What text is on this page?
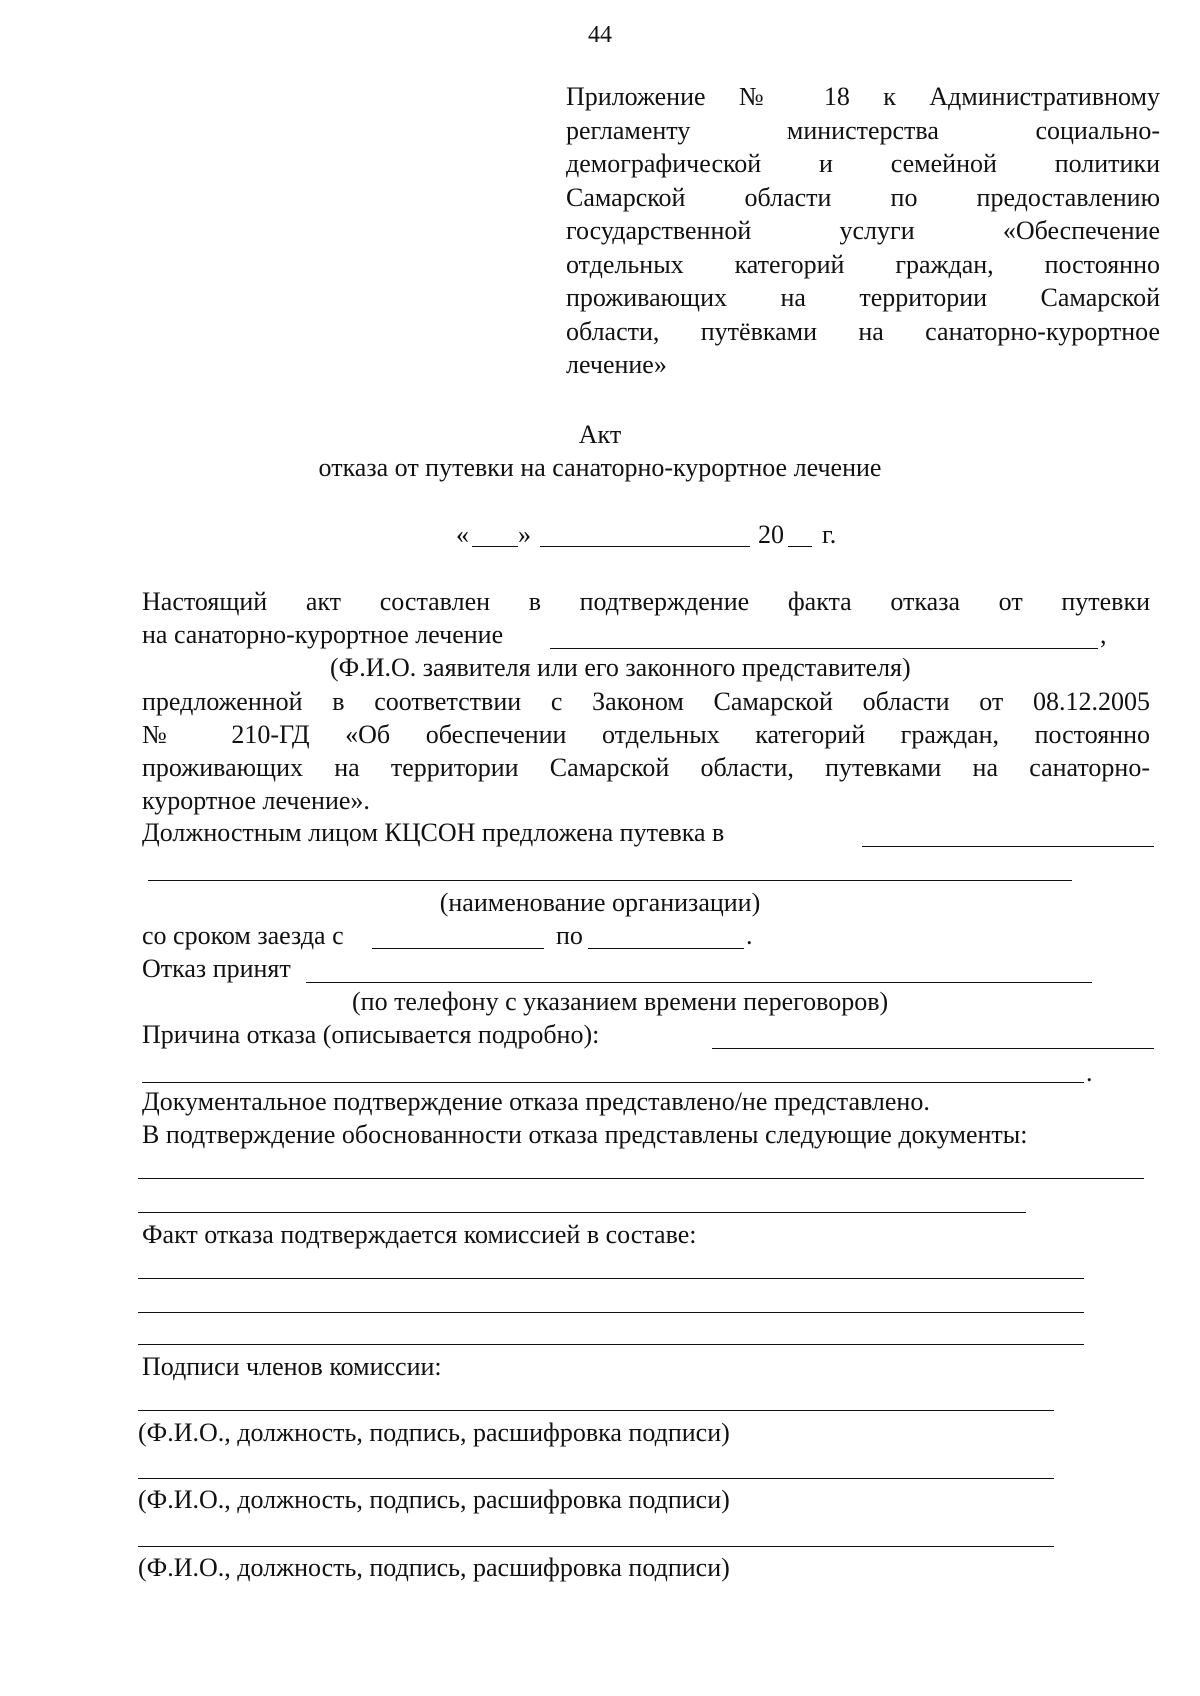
44
Приложение № 18 к Административному
регламенту министерства социально-
демографической и семейной политики
Самарской области по предоставлению
государственной услуги «Обеспечение
отдельных категорий граждан, постоянно
проживающих на территории Самарской
области, путёвками на санаторно-курортное
лечение»
Акт
отказа от путевки на санаторно-курортное лечение
« »	20 г.
Настоящий акт составлен в подтверждение факта отказа от путевки
на санаторно-курортное лечение	,
(Ф.И.О. заявителя или его законного представителя)
предложенной в соответствии с Законом Самарской области от 08.12.2005
№ 210-ГД «Об обеспечении отдельных категорий граждан, постоянно
проживающих на территории Самарской области, путевками на санаторно-
курортное лечение».
Должностным лицом КЦСОН предложена путевка в
(наименование организации)
со сроком заезда с	по	.
Отказ принят
(по телефону с указанием времени переговоров)
Причина отказа (описывается подробно):
.
Документальное подтверждение отказа представлено/не представлено.
В подтверждение обоснованности отказа представлены следующие документы:
Факт отказа подтверждается комиссией в составе:
Подписи членов комиссии:
(Ф.И.О., должность, подпись, расшифровка подписи)
(Ф.И.О., должность, подпись, расшифровка подписи)
(Ф.И.О., должность, подпись, расшифровка подписи)
